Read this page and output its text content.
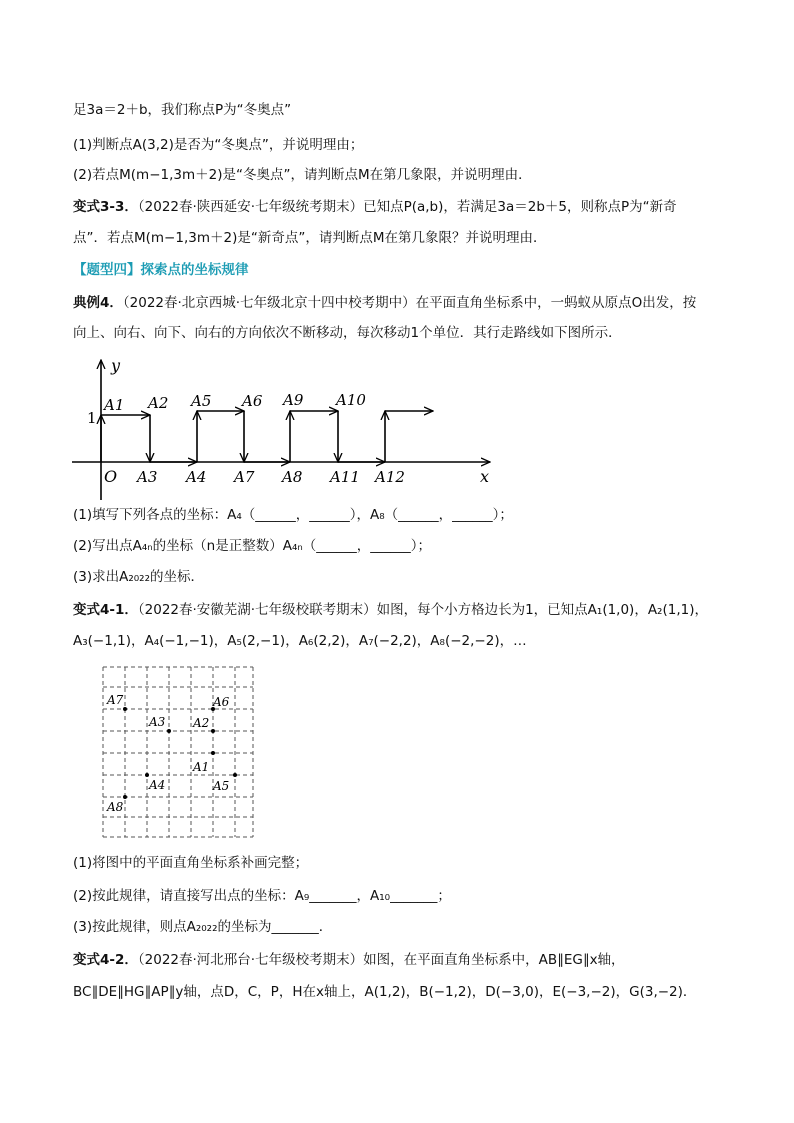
足3a＝2＋b，我们称点P为“冬奥点”
(1)判断点A(3,2)是否为“冬奥点”，并说明理由；
(2)若点M(m−1,3m＋2)是“冬奥点”，请判断点M在第几象限，并说明理由．
变式3-3．（2022春·陕西延安·七年级统考期末）已知点P(a,b)，若满足3a＝2b＋5，则称点P为“新奇
点”．若点M(m−1,3m＋2)是“新奇点”，请判断点M在第几象限？并说明理由．
【题型四】探索点的坐标规律
典例4．（2022春·北京西城·七年级北京十四中校考期中）在平面直角坐标系中，一蚂蚁从原点O出发，按
向上、向右、向下、向右的方向依次不断移动，每次移动1个单位．其行走路线如下图所示．
y
x
O
1
A1 A2
A3 A4
A5 A6
A7 A8
A9 A10
A11 A12
A1
A2
A3
A4	A5
A6
A7
A8
(1)填写下列各点的坐标：A₄（______，______），A₈（______，______）；
(2)写出点A₄ₙ的坐标（n是正整数）A₄ₙ（______，______）；
(3)求出A₂₀₂₂的坐标．
变式4-1．（2022春·安徽芜湖·七年级校联考期末）如图，每个小方格边长为1，已知点A₁(1,0)，A₂(1,1)，
A₃(−1,1)，A₄(−1,−1)，A₅(2,−1)，A₆(2,2)，A₇(−2,2)，A₈(−2,−2)，…
(1)将图中的平面直角坐标系补画完整；
(2)按此规律，请直接写出点的坐标：A₉_______，A₁₀_______；
(3)按此规律，则点A₂₀₂₂的坐标为_______．
变式4-2．（2022春·河北邢台·七年级校考期末）如图，在平面直角坐标系中，AB∥EG∥x轴，
BC∥DE∥HG∥AP∥y轴，点D，C，P，H在x轴上，A(1,2)，B(−1,2)，D(−3,0)，E(−3,−2)，G(3,−2)．
